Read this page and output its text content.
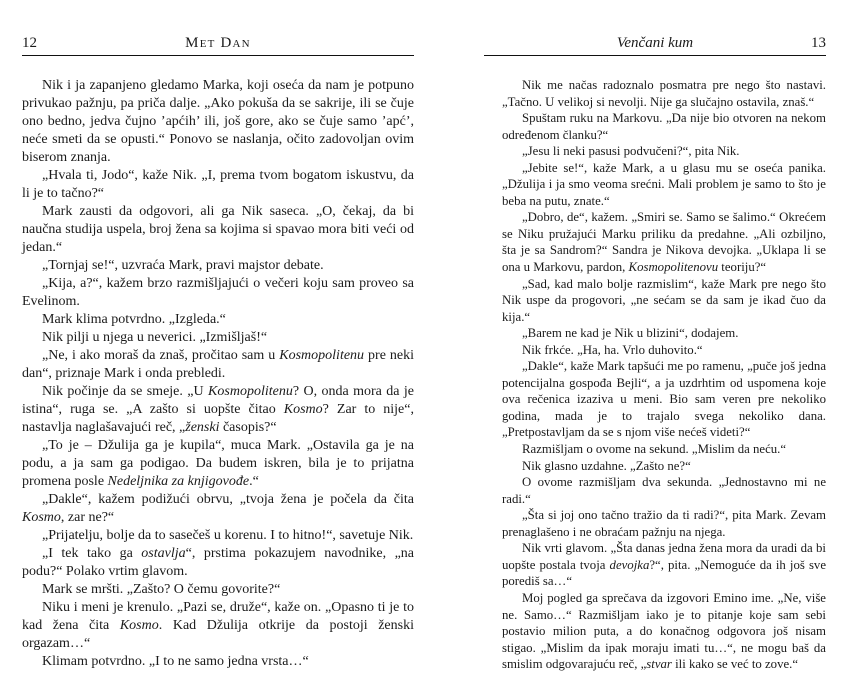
12	Met Dan

Nik i ja zapanjeno gledamo Marka, koji oseća da nam je potpuno privukao pažnju, pa priča dalje. „Ako pokuša da se sakrije, ili se čuje ono bedno, jedva čujno ’apćih’ ili, još gore, ako se čuje samo ’apć’, neće smeti da se opusti.“ Ponovo se naslanja, očito zadovoljan ovim biserom znanja.

„Hvala ti, Jodo“, kaže Nik. „I, prema tvom bogatom iskustvu, da li je to tačno?“

Mark zausti da odgovori, ali ga Nik saseca. „O, čekaj, da bi naučna studija uspela, broj žena sa kojima si spavao mora biti veći od jedan.“

„Tornjaj se!“, uzvraća Mark, pravi majstor debate.

„Kija, a?“, kažem brzo razmišljajući o večeri koju sam proveo sa Evelinom.

Mark klima potvrdno. „Izgleda.“

Nik pilji u njega u neverici. „Izmišljaš!“

„Ne, i ako moraš da znaš, pročitao sam u Kosmopolitenu pre neki dan“, priznaje Mark i onda prebledi.

Nik počinje da se smeje. „U Kosmopolitenu? O, onda mora da je istina“, ruga se. „A zašto si uopšte čitao Kosmo? Zar to nije“, nastavlja naglašavajući reč, „ženski časopis?“

„To je – Džulija ga je kupila“, muca Mark. „Ostavila ga je na podu, a ja sam ga podigao. Da budem iskren, bila je to prijatna promena posle Nedeljnika za knjigovođe.“

„Dakle“, kažem podižući obrvu, „tvoja žena je počela da čita Kosmo, zar ne?“

„Prijatelju, bolje da to sasečeš u korenu. I to hitno!“, savetuje Nik.

„I tek tako ga ostavlja“, prstima pokazujem navodnike, „na podu?“ Polako vrtim glavom.

Mark se mršti. „Zašto? O čemu govorite?“

Niku i meni je krenulo. „Pazi se, druže“, kaže on. „Opasno ti je to kad žena čita Kosmo. Kad Džulija otkrije da postoji ženski orgazam…“

Klimam potvrdno. „I to ne samo jedna vrsta…“

Venčani kum	13

Nik me načas radoznalo posmatra pre nego što nastavi. „Tačno. U velikoj si nevolji. Nije ga slučajno ostavila, znaš.“

Spuštam ruku na Markovu. „Da nije bio otvoren na nekom određenom članku?“

„Jesu li neki pasusi podvučeni?“, pita Nik.

„Jebite se!“, kaže Mark, a u glasu mu se oseća panika. „Džulija i ja smo veoma srećni. Mali problem je samo to što je beba na putu, znate.“

„Dobro, de“, kažem. „Smiri se. Samo se šalimo.“ Okrećem se Niku pružajući Marku priliku da predahne. „Ali ozbiljno, šta je sa Sandrom?“ Sandra je Nikova devojka. „Uklapa li se ona u Markovu, pardon, Kosmopolitenovu teoriju?“

„Sad, kad malo bolje razmislim“, kaže Mark pre nego što Nik uspe da progovori, „ne sećam se da sam je ikad čuo da kija.“

„Barem ne kad je Nik u blizini“, dodajem.

Nik frkće. „Ha, ha. Vrlo duhovito.“

„Dakle“, kaže Mark tapšući me po ramenu, „puče još jedna potencijalna gospođa Bejli“, a ja uzdrhtim od uspomena koje ova rečenica izaziva u meni. Bio sam veren pre nekoliko godina, mada je to trajalo svega nekoliko dana. „Pretpostavljam da se s njom više nećeš videti?“

Razmišljam o ovome na sekund. „Mislim da neću.“

Nik glasno uzdahne. „Zašto ne?“

O ovome razmišljam dva sekunda. „Jednostavno mi ne radi.“

„Šta si joj ono tačno tražio da ti radi?“, pita Mark. Zevam prenaglašeno i ne obraćam pažnju na njega.

Nik vrti glavom. „Šta danas jedna žena mora da uradi da bi uopšte postala tvoja devojka?“, pita. „Nemoguće da ih još sve porediš sa…“

Moj pogled ga sprečava da izgovori Emino ime. „Ne, više ne. Samo…“ Razmišljam iako je to pitanje koje sam sebi postavio milion puta, a do konačnog odgovora još nisam stigao. „Mislim da ipak moraju imati tu…“, ne mogu baš da smislim odgovarajuću reč, „stvar ili kako se već to zove.“
